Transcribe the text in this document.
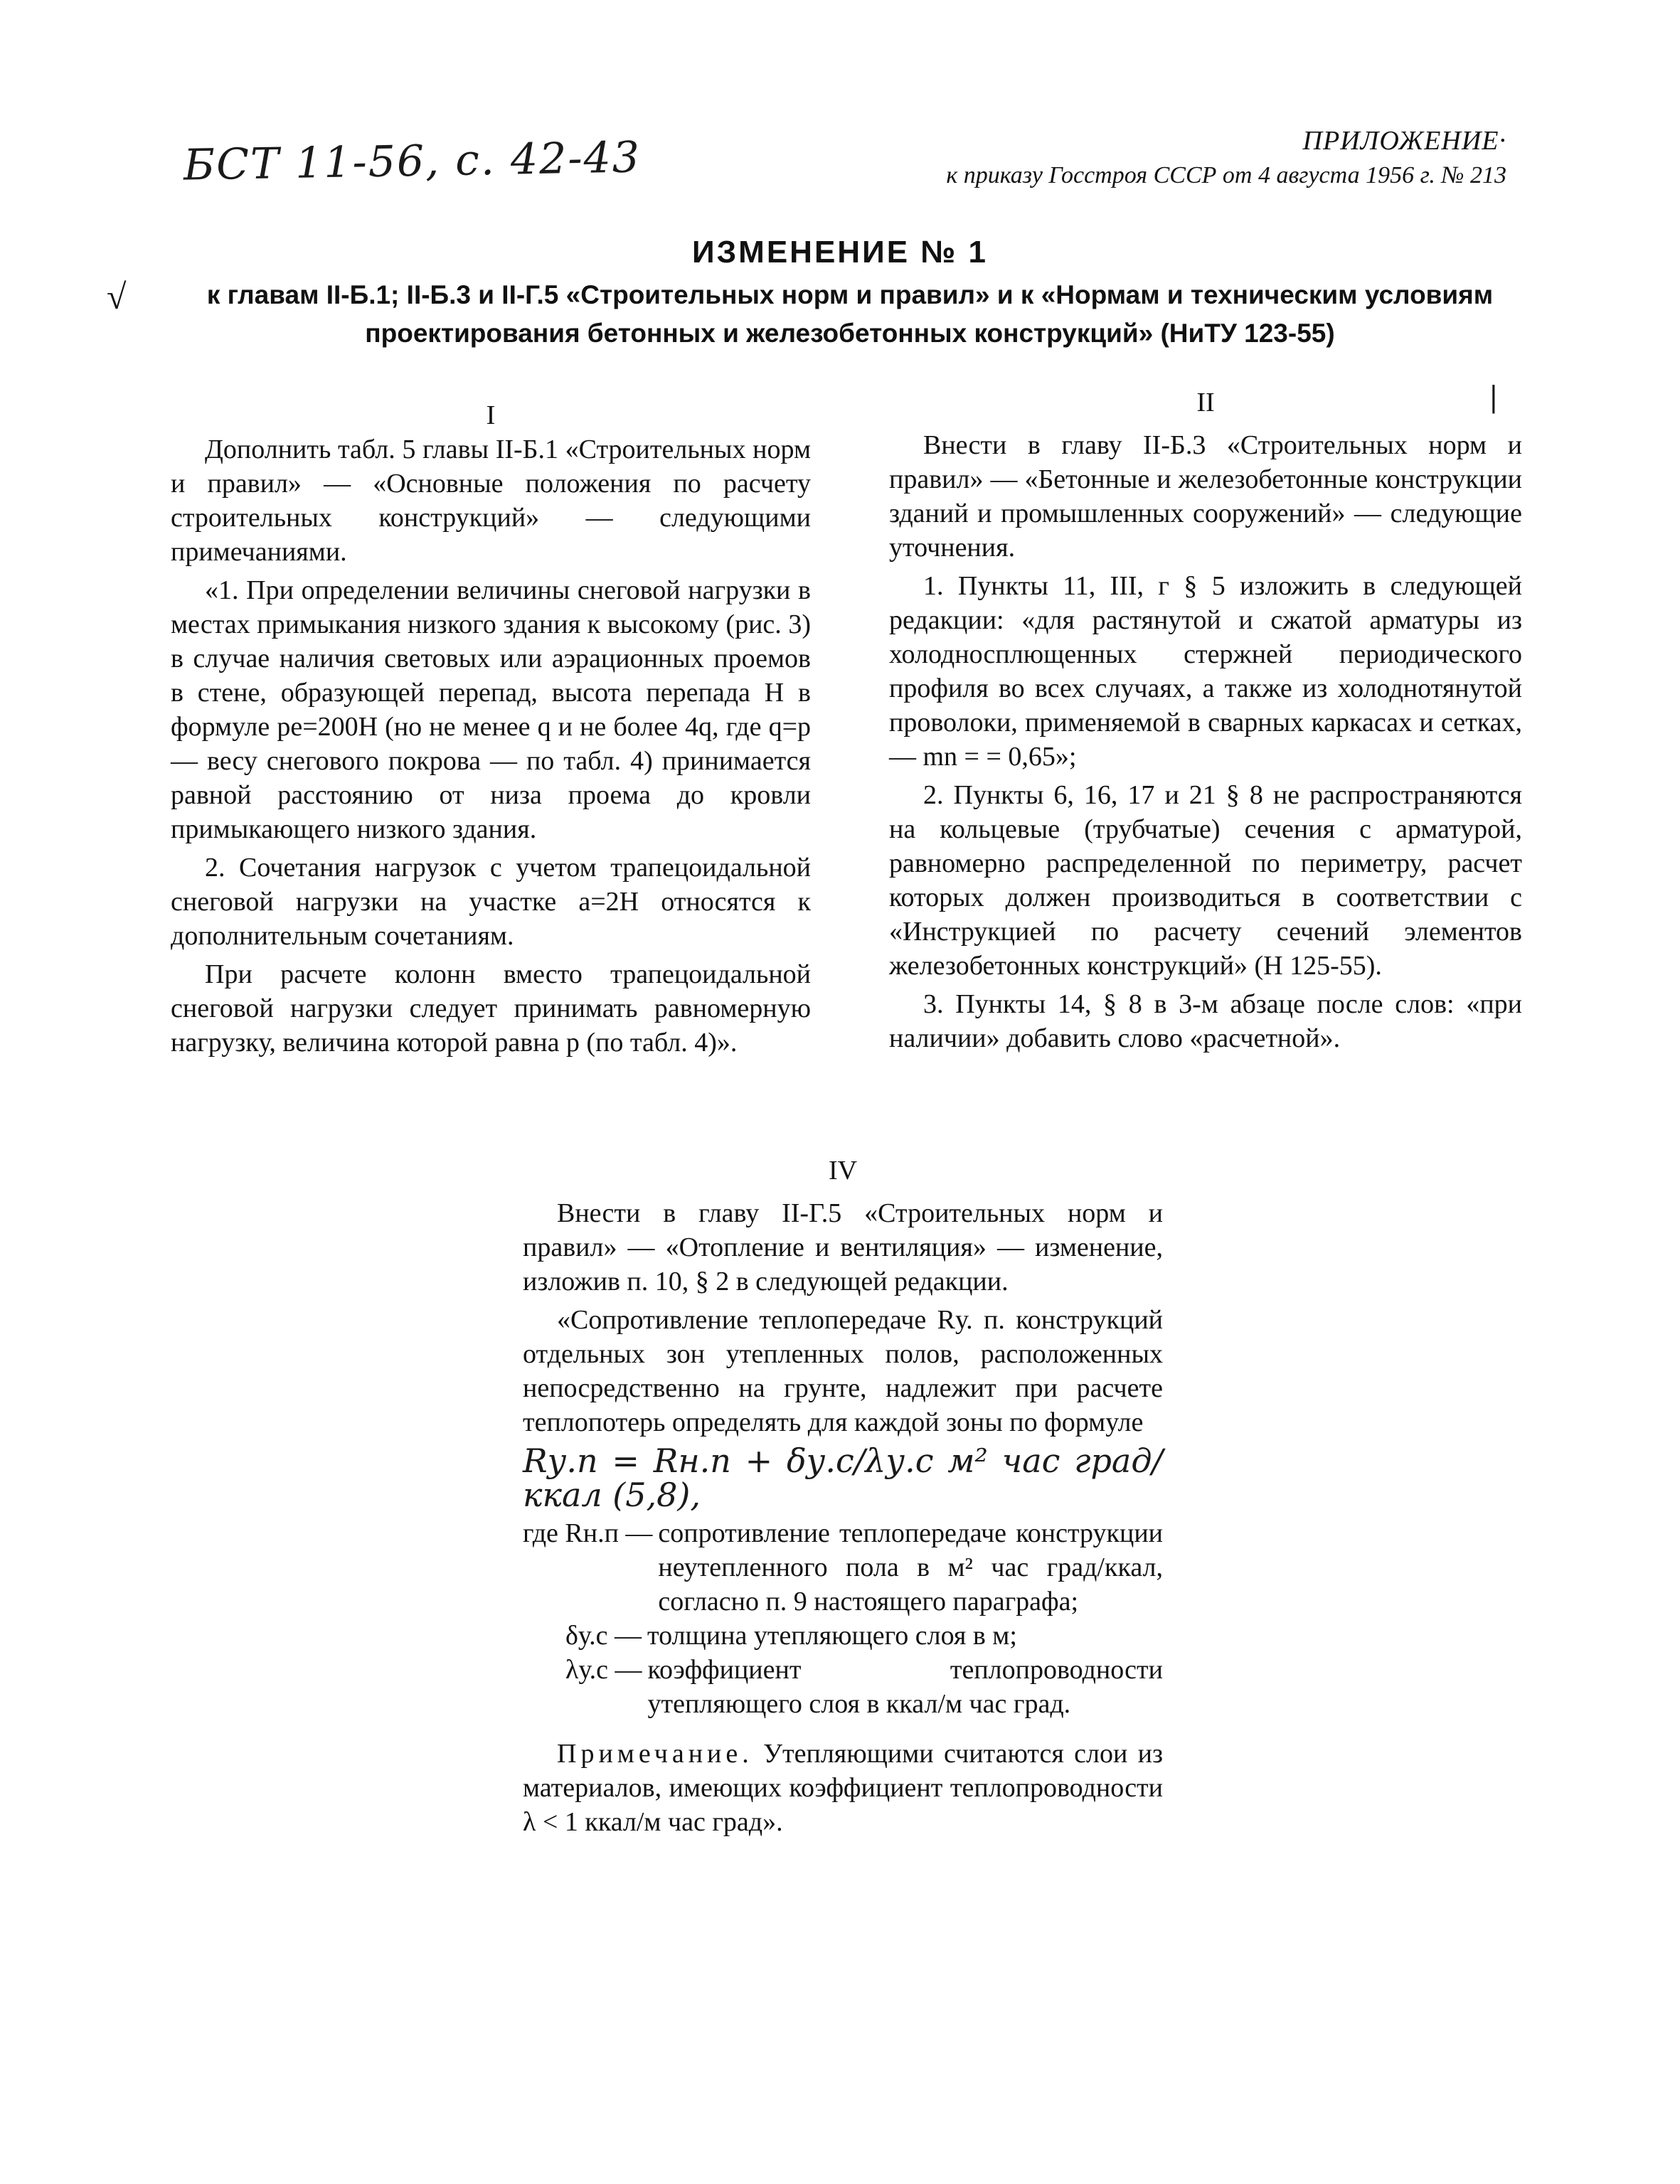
БСТ 11-56, с. 42-43	ПРИЛОЖЕНИЕ·
к приказу Госстроя СССР от 4 августа 1956 г. № 213
ИЗМЕНЕНИЕ № 1
√	к главам II-Б.1; II-Б.3 и II-Г.5 «Строительных норм и правил» и к «Нормам и техническим условиям проектирования бетонных и железобетонных конструкций» (НиТУ 123-55)
I

Дополнить табл. 5 главы II-Б.1 «Строительных норм и правил» — «Основные положения по расчету строительных конструкций» — следующими примечаниями.

«1. При определении величины снеговой нагрузки в местах примыкания низкого здания к высокому (рис. 3) в случае наличия световых или аэрационных проемов в стене, образующей перепад, высота перепада H в формуле pe=200H (но не менее q и не более 4q, где q=p — весу снегового покрова — по табл. 4) принимается равной расстоянию от низа проема до кровли примыкающего низкого здания.

2. Сочетания нагрузок с учетом трапецоидальной снеговой нагрузки на участке a=2H относятся к дополнительным сочетаниям.

При расчете колонн вместо трапецоидальной снеговой нагрузки следует принимать равномерную нагрузку, величина которой равна p (по табл. 4)».

|
II

Внести в главу II-Б.3 «Строительных норм и правил» — «Бетонные и железобетонные конструкции зданий и промышленных сооружений» — следующие уточнения.

1. Пункты 11, III, г § 5 изложить в следующей редакции: «для растянутой и сжатой арматуры из холодносплющенных стержней периодического профиля во всех случаях, а также из холоднотянутой проволоки, применяемой в сварных каркасах и сетках, — mn = = 0,65»;

2. Пункты 6, 16, 17 и 21 § 8 не распространяются на кольцевые (трубчатые) сечения с арматурой, равномерно распределенной по периметру, расчет которых должен производиться в соответствии с «Инструкцией по расчету сечений элементов железобетонных конструкций» (Н 125-55).

3. Пункты 14, § 8 в 3-м абзаце после слов: «при наличии» добавить слово «расчетной».

IV

Внести в главу II-Г.5 «Строительных норм и правил» — «Отопление и вентиляция» — изменение, изложив п. 10, § 2 в следующей редакции.

«Сопротивление теплопередаче Rу. п. конструкций отдельных зон утепленных полов, расположенных непосредственно на грунте, надлежит при расчете теплопотерь определять для каждой зоны по формуле

Rу.п = Rн.п + δу.с/λу.с м² час град/ккал (5,8),

где Rн.п — сопротивление теплопередаче конструкции неутепленного пола в м² час град/ккал, согласно п. 9 настоящего параграфа;
δу.с — толщина утепляющего слоя в м;
λу.с — коэффициент теплопроводности утепляющего слоя в ккал/м час град.

Примечание. Утепляющими считаются слои из материалов, имеющих коэффициент теплопроводности λ < 1 ккал/м час град».
